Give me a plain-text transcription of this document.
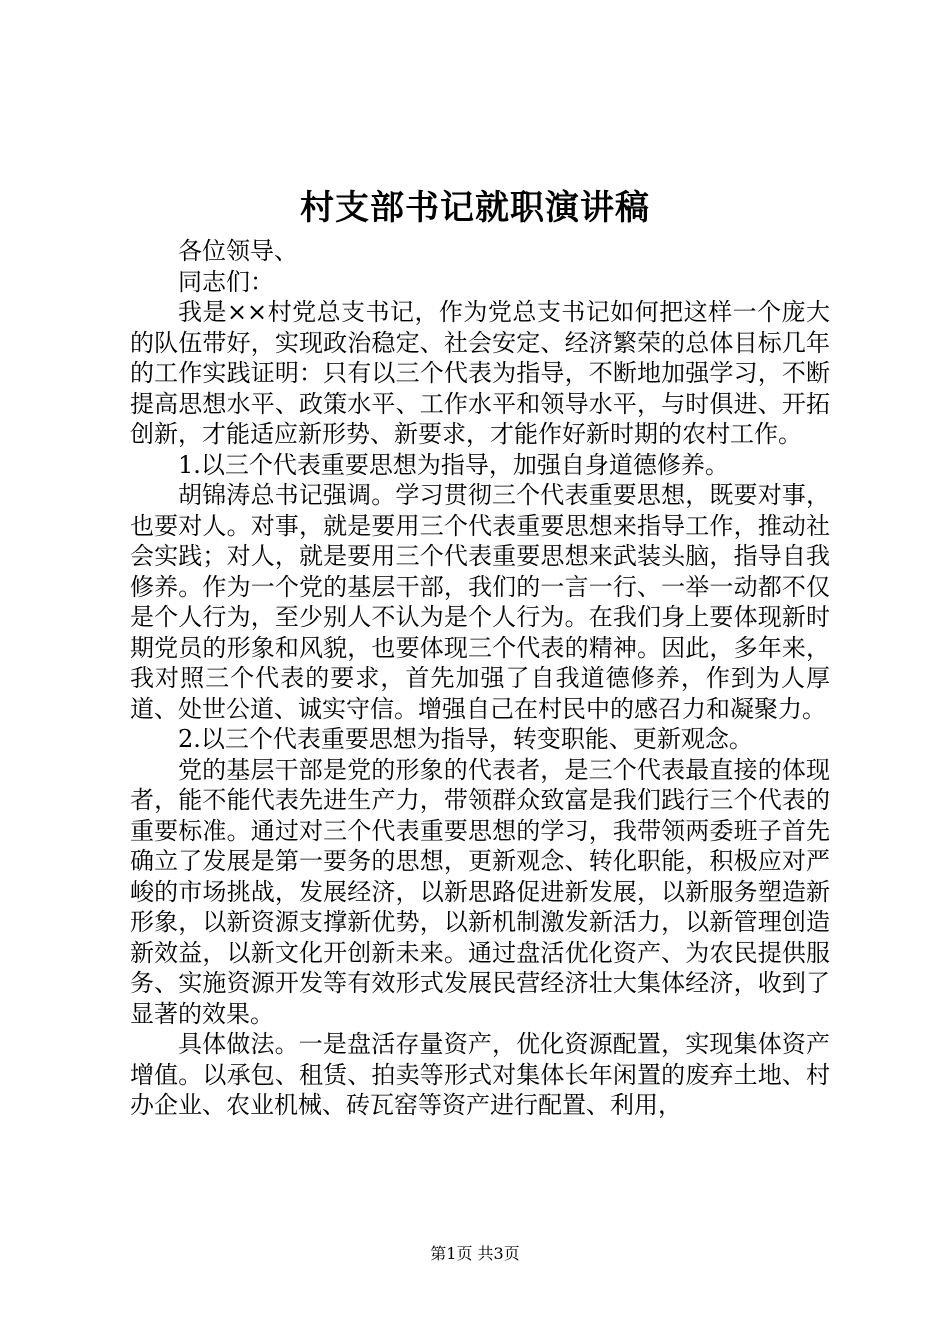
村支部书记就职演讲稿

各位领导、

同志们：

我是××村党总支书记，作为党总支书记如何把这样一个庞大的队伍带好，实现政治稳定、社会安定、经济繁荣的总体目标几年的工作实践证明：只有以三个代表为指导，不断地加强学习，不断提高思想水平、政策水平、工作水平和领导水平，与时俱进、开拓创新，才能适应新形势、新要求，才能作好新时期的农村工作。

1.以三个代表重要思想为指导，加强自身道德修养。

胡锦涛总书记强调。学习贯彻三个代表重要思想，既要对事，也要对人。对事，就是要用三个代表重要思想来指导工作，推动社会实践；对人，就是要用三个代表重要思想来武装头脑，指导自我修养。作为一个党的基层干部，我们的一言一行、一举一动都不仅是个人行为，至少别人不认为是个人行为。在我们身上要体现新时期党员的形象和风貌，也要体现三个代表的精神。因此，多年来，我对照三个代表的要求，首先加强了自我道德修养，作到为人厚道、处世公道、诚实守信。增强自己在村民中的感召力和凝聚力。

2.以三个代表重要思想为指导，转变职能、更新观念。

党的基层干部是党的形象的代表者，是三个代表最直接的体现者，能不能代表先进生产力，带领群众致富是我们践行三个代表的重要标准。通过对三个代表重要思想的学习，我带领两委班子首先确立了发展是第一要务的思想，更新观念、转化职能，积极应对严峻的市场挑战，发展经济，以新思路促进新发展，以新服务塑造新形象，以新资源支撑新优势，以新机制激发新活力，以新管理创造新效益，以新文化开创新未来。通过盘活优化资产、为农民提供服务、实施资源开发等有效形式发展民营经济壮大集体经济，收到了显著的效果。

具体做法。一是盘活存量资产，优化资源配置，实现集体资产增值。以承包、租赁、拍卖等形式对集体长年闲置的废弃土地、村办企业、农业机械、砖瓦窑等资产进行配置、利用，

第1页 共3页
